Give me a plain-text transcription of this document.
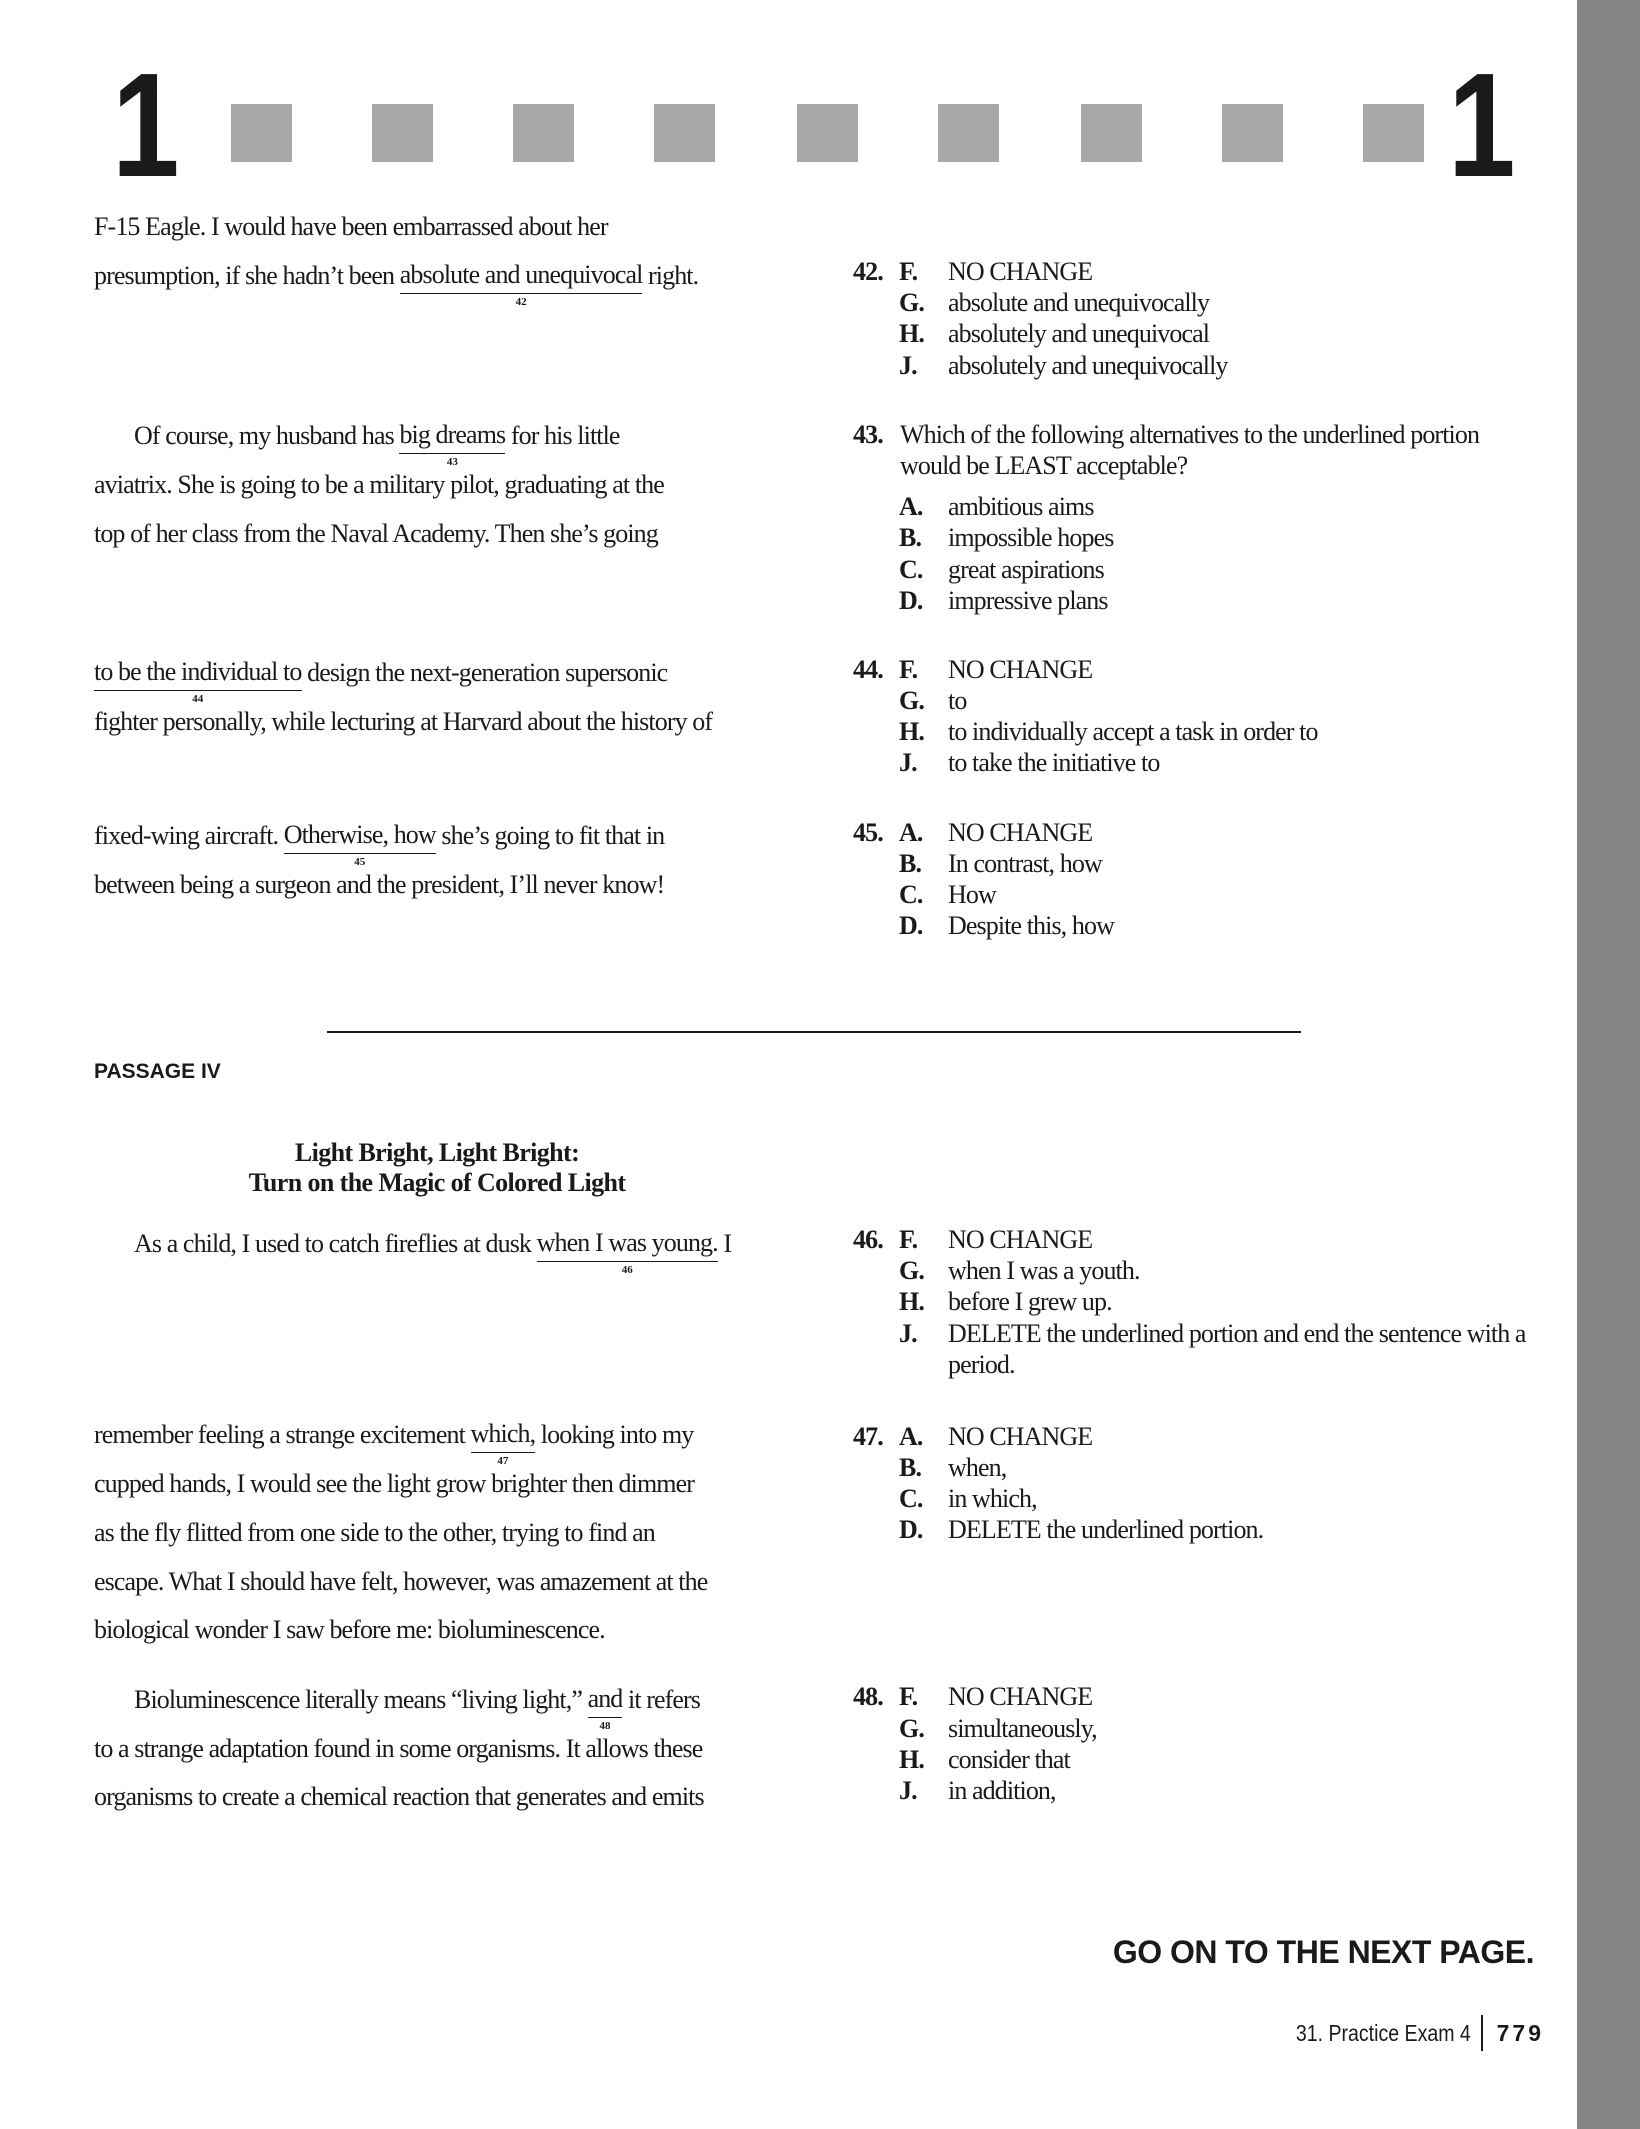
1	1
F-15 Eagle. I would have been embarrassed about her
presumption, if she hadn’t been absolute and unequivocal
42
right.
Of course, my husband has big dreams
43
for his little
aviatrix. She is going to be a military pilot, graduating at the
top of her class from the Naval Academy. Then she’s going
to be the individual to
44
design the next-generation supersonic
fighter personally, while lecturing at Harvard about the history of
fixed-wing aircraft. Otherwise, how
45
she’s going to fit that in
between being a surgeon and the president, I’ll never know!
As a child, I used to catch fireflies at dusk when I was young.
46
I
remember feeling a strange excitement which,
47
looking into my
cupped hands, I would see the light grow brighter then dimmer
as the fly flitted from one side to the other, trying to find an
escape. What I should have felt, however, was amazement at the
biological wonder I saw before me: bioluminescence.
Bioluminescence literally means “living light,” and
48
it refers
to a strange adaptation found in some organisms. It allows these
organisms to create a chemical reaction that generates and emits
42. F. NO CHANGE
G. absolute and unequivocally
H. absolutely and unequivocal
J. absolutely and unequivocally
43. Which of the following alternatives to the underlined portion would be LEAST acceptable?
A. ambitious aims
B. impossible hopes
C. great aspirations
D. impressive plans
44. F. NO CHANGE
G. to
H. to individually accept a task in order to
J. to take the initiative to
45. A. NO CHANGE
B. In contrast, how
C. How
D. Despite this, how
46. F. NO CHANGE
G. when I was a youth.
H. before I grew up.
J. DELETE the underlined portion and end the sentence with a period.
47. A. NO CHANGE
B. when,
C. in which,
D. DELETE the underlined portion.
48. F. NO CHANGE
G. simultaneously,
H. consider that
J. in addition,
PASSAGE IV
Light Bright, Light Bright:
Turn on the Magic of Colored Light
GO ON TO THE NEXT PAGE.
31. Practice Exam 4 779
